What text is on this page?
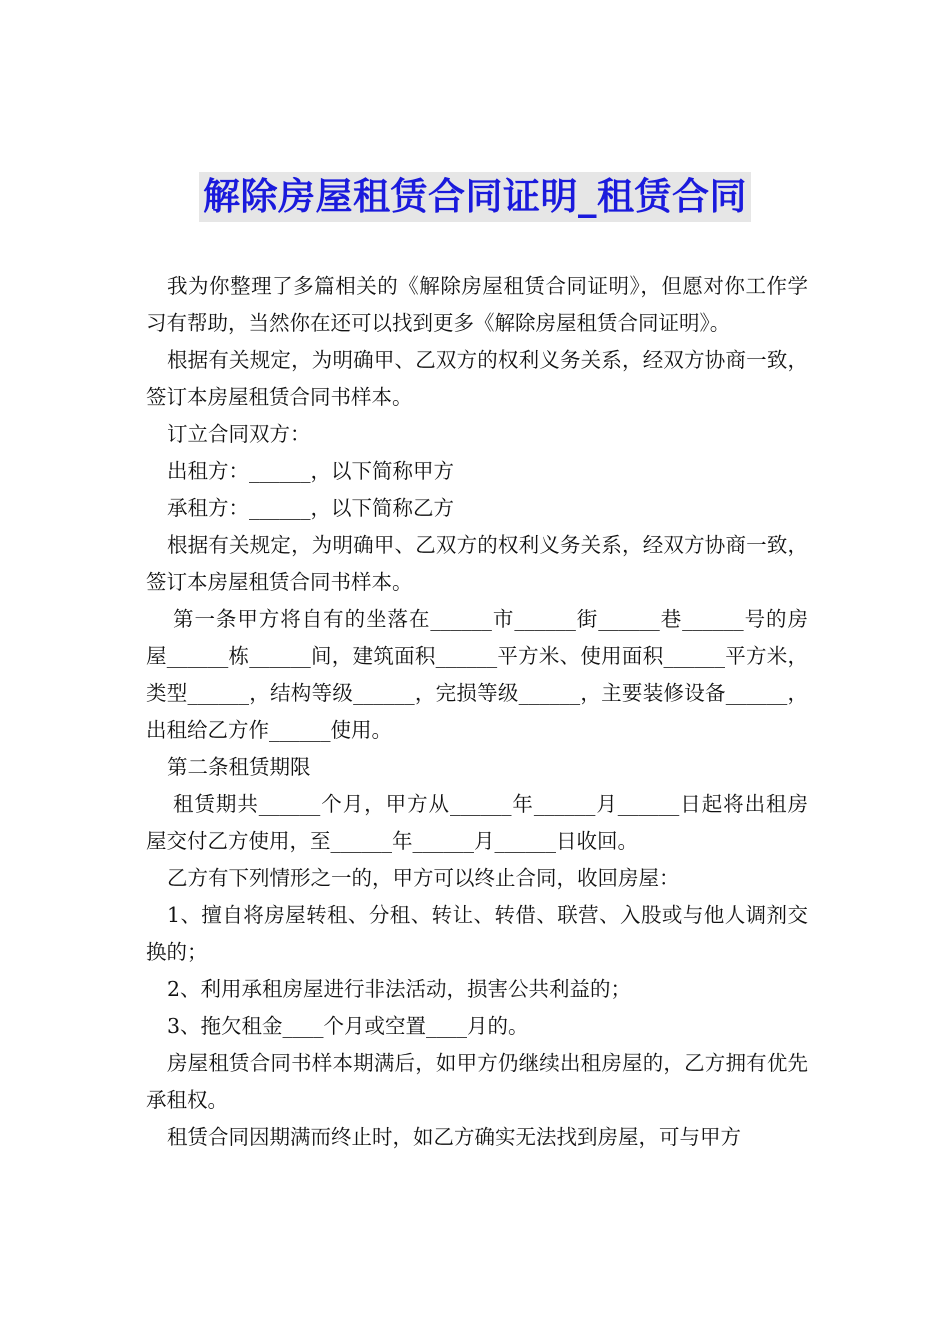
解除房屋租赁合同证明_租赁合同

我为你整理了多篇相关的《解除房屋租赁合同证明》，但愿对你工作学习有帮助，当然你在还可以找到更多《解除房屋租赁合同证明》。

根据有关规定，为明确甲、乙双方的权利义务关系，经双方协商一致，签订本房屋租赁合同书样本。

订立合同双方：

出租方：______，以下简称甲方

承租方：______，以下简称乙方

根据有关规定，为明确甲、乙双方的权利义务关系，经双方协商一致，签订本房屋租赁合同书样本。

第一条甲方将自有的坐落在______市______街______巷______号的房屋______栋______间，建筑面积______平方米、使用面积______平方米，类型______，结构等级______，完损等级______，主要装修设备______，出租给乙方作______使用。

第二条租赁期限

租赁期共______个月，甲方从______年______月______日起将出租房屋交付乙方使用，至______年______月______日收回。

乙方有下列情形之一的，甲方可以终止合同，收回房屋：

1、擅自将房屋转租、分租、转让、转借、联营、入股或与他人调剂交换的；

2、利用承租房屋进行非法活动，损害公共利益的；

3、拖欠租金____个月或空置____月的。

房屋租赁合同书样本期满后，如甲方仍继续出租房屋的，乙方拥有优先承租权。

租赁合同因期满而终止时，如乙方确实无法找到房屋，可与甲方
